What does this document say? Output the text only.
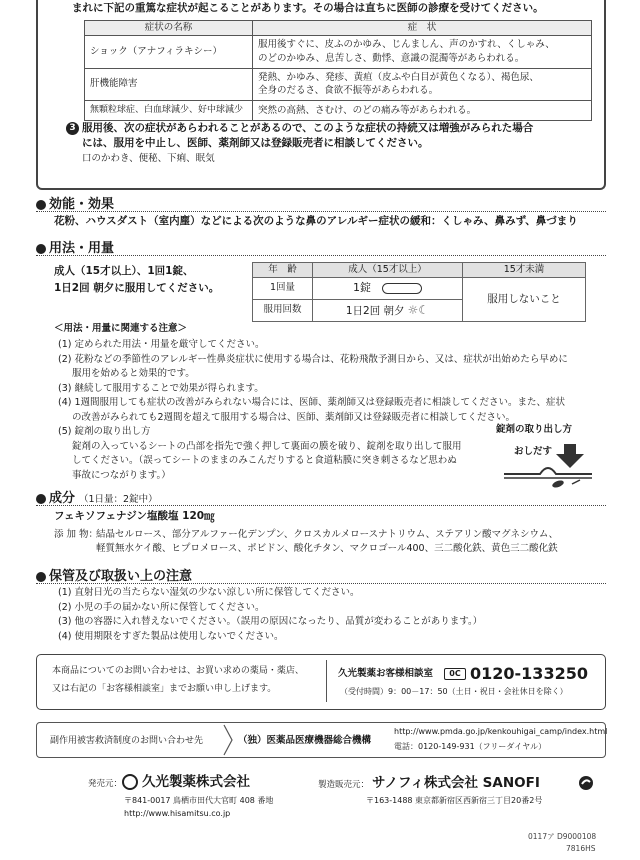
まれに下記の重篤な症状が起こることがあります。その場合は直ちに医師の診療を受けてください。
症状の名称	症　状
ショック（アナフィラキシー）	服用後すぐに、皮ふのかゆみ、じんましん、声のかすれ、くしゃみ、
のどのかゆみ、息苦しさ、動悸、意識の混濁等があらわれる。

肝機能障害	発熱、かゆみ、発疹、黄疸（皮ふや白目が黄色くなる）、褐色尿、
全身のだるさ、食欲不振等があらわれる。

無顆粒球症、白血球減少、好中球減少	突然の高熱、さむけ、のどの痛み等があらわれる。
3 服用後、次の症状があらわれることがあるので、このような症状の持続又は増強がみられた場合
には、服用を中止し、医師、薬剤師又は登録販売者に相談してください。
口のかわき、便秘、下痢、眠気
効能・効果
花粉、ハウスダスト（室内塵）などによる次のような鼻のアレルギー症状の緩和：くしゃみ、鼻みず、鼻づまり
用法・用量
成人（15才以上）、1回1錠、
1日2回 朝夕に服用してください。
年　齢	成人（15才以上）	15才未満
1回量	1錠	服用しないこと
服用回数	1日2回 朝夕 ☼☾	
＜用法・用量に関連する注意＞
(1) 定められた用法・用量を厳守してください。
(2) 花粉などの季節性のアレルギー性鼻炎症状に使用する場合は、花粉飛散予測日から、又は、症状が出始めたら早めに
服用を始めると効果的です。
(3) 継続して服用することで効果が得られます。
(4) 1週間服用しても症状の改善がみられない場合には、医師、薬剤師又は登録販売者に相談してください。また、症状
の改善がみられても2週間を超えて服用する場合は、医師、薬剤師又は登録販売者に相談してください。
(5) 錠剤の取り出し方
錠剤の入っているシートの凸部を指先で強く押して裏面の膜を破り、錠剤を取り出して服用
してください。（誤ってシートのままのみこんだりすると食道粘膜に突き刺さるなど思わぬ
事故につながります。）
錠剤の取り出し方
おしだす
成分 （1日量：2錠中）
フェキソフェナジン塩酸塩 120㎎
添 加 物：
結晶セルロース、部分アルファー化デンプン、クロスカルメロースナトリウム、ステアリン酸マグネシウム、
軽質無水ケイ酸、ヒプロメロース、ポビドン、酸化チタン、マクロゴール400、三二酸化鉄、黄色三二酸化鉄
保管及び取扱い上の注意
(1) 直射日光の当たらない湿気の少ない涼しい所に保管してください。
(2) 小児の手の届かない所に保管してください。
(3) 他の容器に入れ替えないでください。（誤用の原因になったり、品質が変わることがあります。）
(4) 使用期限をすぎた製品は使用しないでください。
本商品についてのお問い合わせは、お買い求めの薬局・薬店、
又は右記の「お客様相談室」までお願い申し上げます。
久光製薬お客様相談室	0C 0120-133250
（受付時間）9：00－17：50（土日・祝日・会社休日を除く）
副作用被害救済制度のお問い合わせ先	（独）医薬品医療機器総合機構
http://www.pmda.go.jp/kenkouhigai_camp/index.html
電話：0120-149-931（フリーダイヤル）
発売元： 久光製薬株式会社
〒841-0017 鳥栖市田代大官町 408 番地
http://www.hisamitsu.co.jp
製造販売元： サノフィ株式会社 SANOFI
〒163-1488 東京都新宿区西新宿三丁目20番2号
0117ア D9000108
7816HS
